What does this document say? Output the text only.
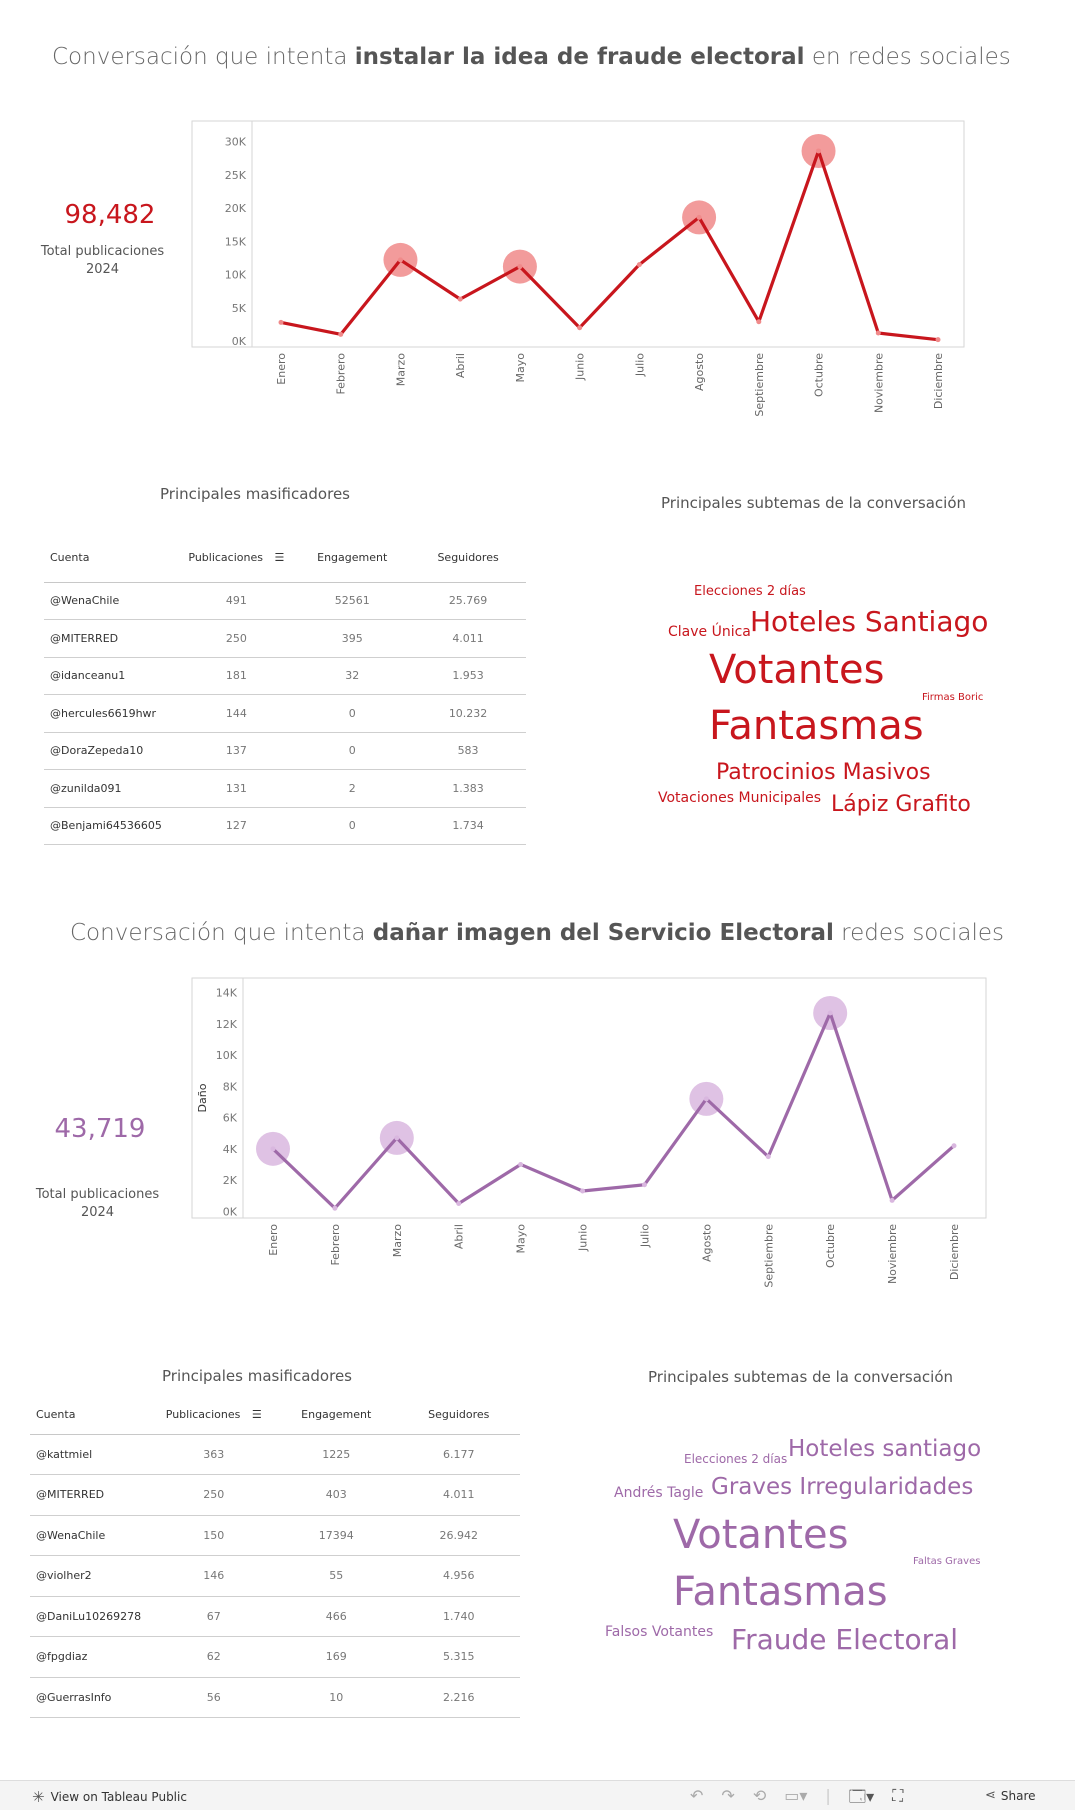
Conversación que intenta instalar la idea de fraude electoral en redes sociales
98,482
Total publicaciones
2024
0K
5K
10K
15K
20K
25K
30K
Enero	Febrero	Marzo	Abril	Mayo	Junio	Julio	Agosto	Septiembre	Octubre	Noviembre	Diciembre
Principales masificadores	Principales subtemas de la conversación
Cuenta	Publicaciones ☰	Engagement	Seguidores
@WenaChile	491	52561	25.769
@MITERRED	250	395	4.011
@idanceanu1	181	32	1.953
@hercules6619hwr	144	0	10.232
@DoraZepeda10	137	0	583
@zunilda091	131	2	1.383
@Benjami64536605	127	0	1.734
Elecciones 2 días
Clave Única Hoteles Santiago
Votantes
Firmas Boric
Fantasmas
Patrocinios Masivos
Votaciones Municipales Lápiz Grafito
Conversación que intenta dañar imagen del Servicio Electoral redes sociales
43,719
Total publicaciones
2024	0K
2K
4K
6K
8K
10K
12K
14K
Daño
Enero	Febrero	Marzo	Abril	Mayo	Junio	Julio	Agosto	Septiembre	Octubre	Noviembre	Diciembre
Principales masificadores	Principales subtemas de la conversación
Cuenta	Publicaciones ☰	Engagement	Seguidores
@kattmiel	363	1225	6.177
@MITERRED	250	403	4.011
@WenaChile	150	17394	26.942
@violher2	146	55	4.956
@DaniLu10269278	67	466	1.740
@fpgdiaz	62	169	5.315
@GuerrasInfo	56	10	2.216
Elecciones 2 días Hoteles santiago
Andrés Tagle Graves Irregularidades
Votantes
Faltas Graves
Fantasmas
Falsos Votantes Fraude Electoral
✳ View on Tableau Public	↶ ↷ ⟲ ▭▾ | 🗔▾ ⛶	⋖ Share
